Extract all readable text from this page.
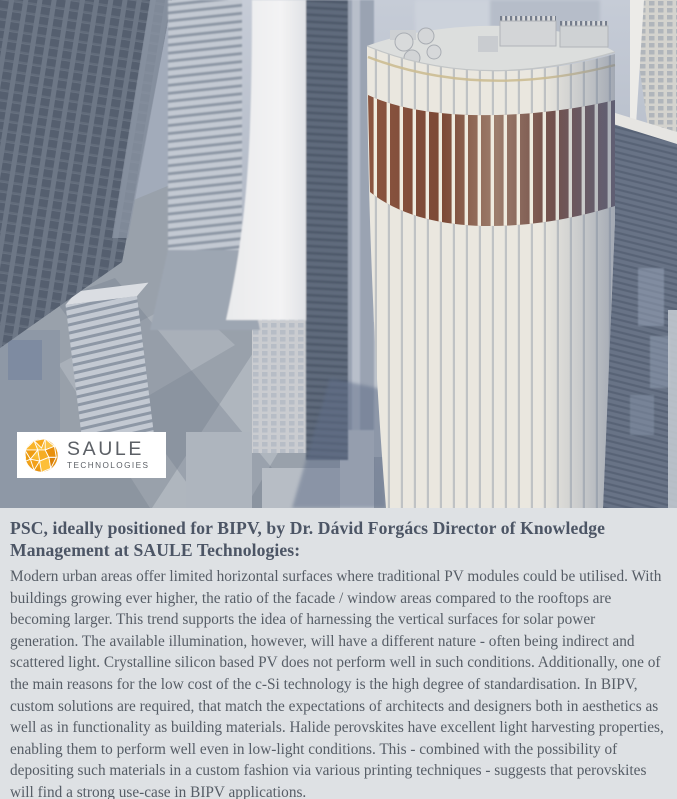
SAULE
TECHNOLOGIES
PSC, ideally positioned for BIPV, by Dr. Dávid Forgács Director of Knowledge Management at SAULE Technologies:

Modern urban areas offer limited horizontal surfaces where traditional PV modules could be utilised. With buildings growing ever higher, the ratio of the facade / window areas compared to the rooftops are becoming larger. This trend supports the idea of harnessing the vertical surfaces for solar power generation. The available illumination, however, will have a different nature - often being indirect and scattered light. Crystalline silicon based PV does not perform well in such conditions. Additionally, one of the main reasons for the low cost of the c-Si technology is the high degree of standardisation. In BIPV, custom solutions are required, that match the expectations of architects and designers both in aesthetics as well as in functionality as building materials. Halide perovskites have excellent light harvesting properties, enabling them to perform well even in low-light conditions. This - combined with the possibility of depositing such materials in a custom fashion via various printing techniques - suggests that perovskites will find a strong use-case in BIPV applications.
